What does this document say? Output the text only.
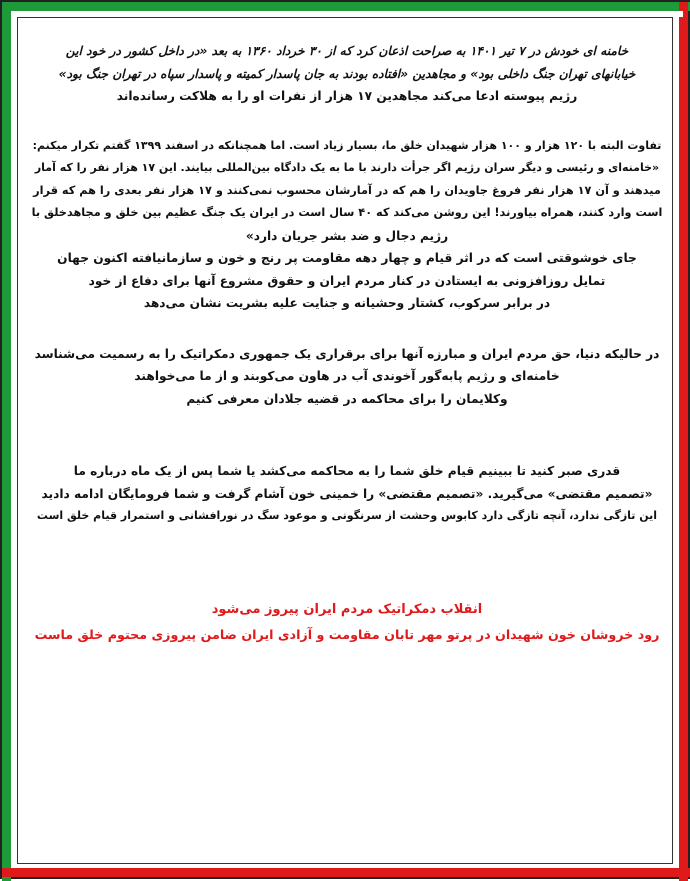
خامنه ای خودش در ۷ تیر ۱۴۰۱ به صراحت اذعان کرد که از ۳۰ خرداد ۱۳۶۰ به بعد «در داخل کشور در خود این

خیابانهای تهران جنگ داخلی بود» و مجاهدین «افتاده بودند به جان پاسدار کمیته و پاسدار سپاه در تهران جنگ بود»

رژیم پیوسته ادعا می‌کند مجاهدین ۱۷ هزار از نفرات او را به هلاکت رسانده‌اند

تفاوت البته با ۱۲۰ هزار و ۱۰۰ هزار شهیدان خلق ما، بسیار زیاد است. اما همچنانکه در اسفند ۱۳۹۹ گفتم تکرار میکنم:

«خامنه‌ای و رئیسی و دیگر سران رژیم اگر جرأت دارند با ما به یک دادگاه بین‌المللی بیایند. این ۱۷ هزار نفر را که آمار

میدهند و آن ۱۷ هزار نفر فروغ جاویدان را هم که در آمارشان محسوب نمی‌کنند و ۱۷ هزار نفر بعدی را هم که قرار

است وارد کنند، همراه بیاورند! این روشن می‌کند که ۴۰ سال است در ایران یک جنگ عظیم بین خلق و مجاهدخلق با

رژیم دجال و ضد بشر جریان دارد»

جای خوشوقتی است که در اثر قیام و چهار دهه مقاومت پر رنج و خون و سازمانیافته اکنون جهان

تمایل روزافزونی به ایستادن در کنار مردم ایران و حقوق مشروع آنها برای دفاع از خود

در برابر سرکوب، کشتار وحشیانه و جنایت علیه بشریت نشان می‌دهد

در حالیکه دنیا، حق مردم ایران و مبارزه آنها برای برقراری یک جمهوری دمکراتیک را به رسمیت می‌شناسد

خامنه‌ای و رژیم پابه‌گور آخوندی آب در هاون می‌کوبند و از ما می‌خواهند

وکلایمان را برای محاکمه در قضیه جلادان معرفی کنیم

قدری صبر کنید تا ببینیم قیام خلق شما را به محاکمه می‌کشد یا شما پس از یک ماه درباره ما

«تصمیم مقتضی» می‌گیرید. «تصمیم مقتضی» را خمینی خون آشام گرفت و شما فرومایگان ادامه دادید

این تازگی ندارد، آنچه تازگی دارد کابوس وحشت از سرنگونی و موعود سگ در نورافشانی و استمرار قیام خلق است

انقلاب دمکراتیک مردم ایران پیروز می‌شود

رود خروشان خون شهیدان در پرتو مهر تابان مقاومت و آزادی ایران ضامن پیروزی محتوم خلق ماست
